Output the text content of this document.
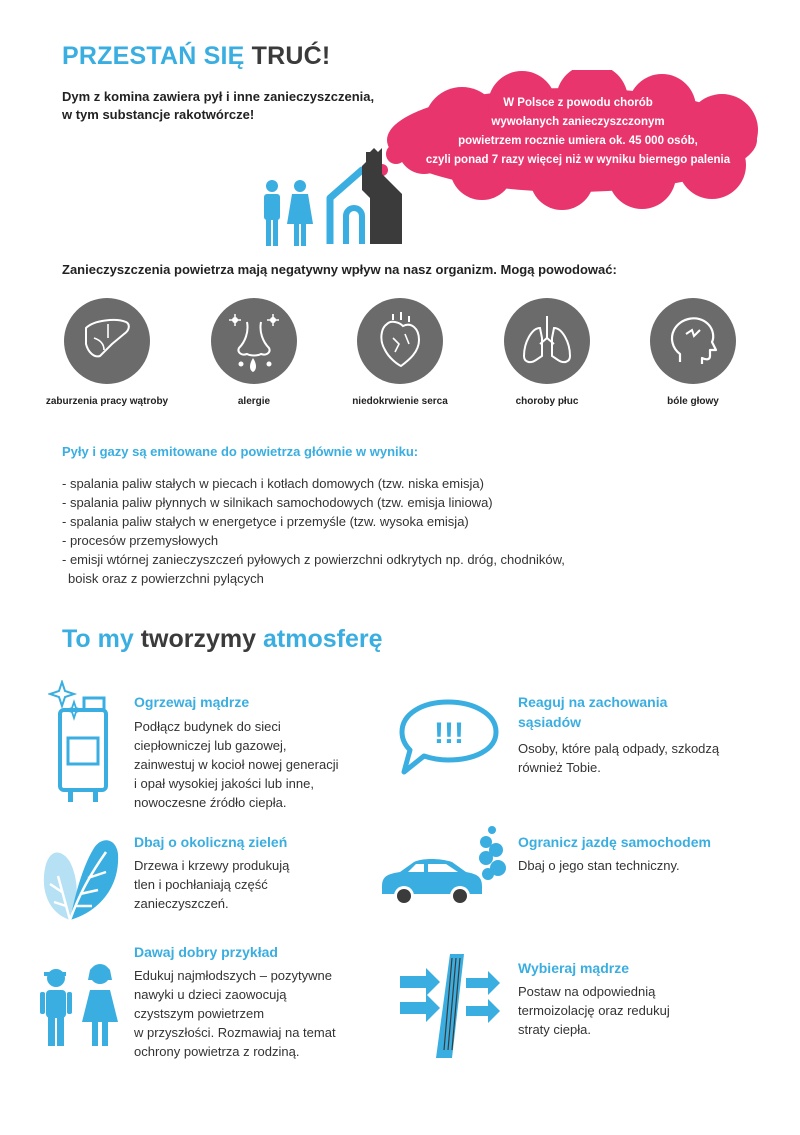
PRZESTAŃ SIĘ TRUĆ!
Dym z komina zawiera pył i inne zanieczyszczenia,
w tym substancje rakotwórcze!
W Polsce z powodu chorób
wywołanych zanieczyszczonym
powietrzem rocznie umiera ok. 45 000 osób,
czyli ponad 7 razy więcej niż w wyniku biernego palenia
Zanieczyszczenia powietrza mają negatywny wpływ na nasz organizm. Mogą powodować:
zaburzenia pracy wątroby	alergie	niedokrwienie serca	choroby płuc	bóle głowy
Pyły i gazy są emitowane do powietrza głównie w wyniku:
- spalania paliw stałych w piecach i kotłach domowych (tzw. niska emisja)
- spalania paliw płynnych w silnikach samochodowych (tzw. emisja liniowa)
- spalania paliw stałych w energetyce i przemyśle (tzw. wysoka emisja)
- procesów przemysłowych
- emisji wtórnej zanieczyszczeń pyłowych z powierzchni odkrytych np. dróg, chodników,
boisk oraz z powierzchni pylących
To my tworzymy atmosferę
Ogrzewaj mądrze
Podłącz budynek do sieci
ciepłowniczej lub gazowej,
zainwestuj w kocioł nowej generacji
i opał wysokiej jakości lub inne,
nowoczesne źródło ciepła.
!!!
Reaguj na zachowania
sąsiadów
Osoby, które palą odpady, szkodzą
również Tobie.
Dbaj o okoliczną zieleń
Drzewa i krzewy produkują
tlen i pochłaniają część
zanieczyszczeń.
Ogranicz jazdę samochodem
Dbaj o jego stan techniczny.
Dawaj dobry przykład
Edukuj najmłodszych – pozytywne
nawyki u dzieci zaowocują
czystszym powietrzem
w przyszłości. Rozmawiaj na temat
ochrony powietrza z rodziną.
Wybieraj mądrze
Postaw na odpowiednią
termoizolację oraz redukuj
straty ciepła.
